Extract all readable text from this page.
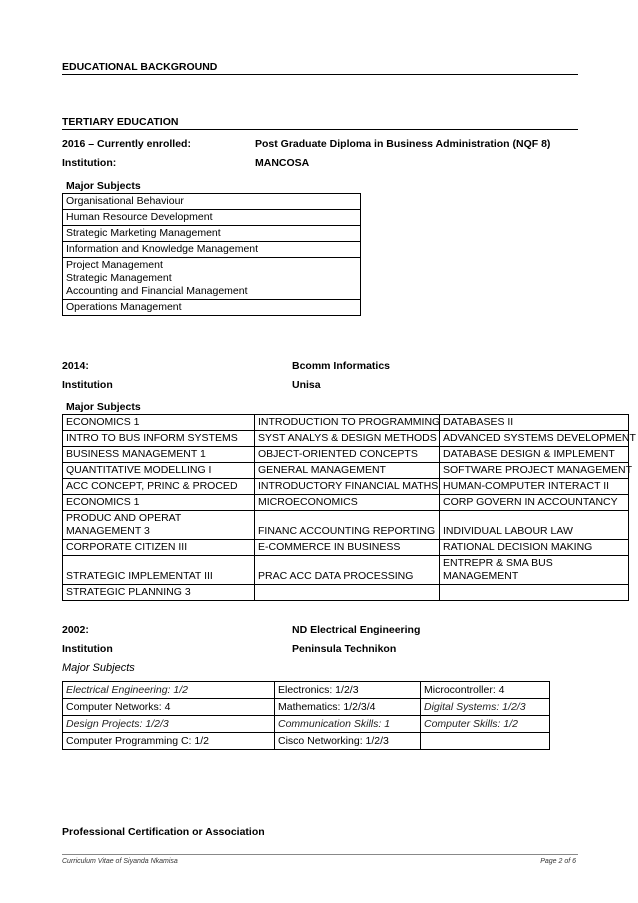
EDUCATIONAL BACKGROUND
TERTIARY EDUCATION
2016 – Currently enrolled:	Post Graduate Diploma in Business Administration (NQF 8)
Institution:	MANCOSA
Major Subjects
Organisational Behaviour

Human Resource Development

Strategic Marketing Management

Information and Knowledge Management

Project Management
Strategic Management
Accounting and Financial Management

Operations Management
2014:	Bcomm Informatics
Institution	Unisa
Major Subjects
ECONOMICS 1	INTRODUCTION TO PROGRAMMING	DATABASES II

INTRO TO BUS INFORM SYSTEMS	SYST ANALYS & DESIGN METHODS	ADVANCED SYSTEMS DEVELOPMENT

BUSINESS MANAGEMENT 1	OBJECT-ORIENTED CONCEPTS	DATABASE DESIGN & IMPLEMENT

QUANTITATIVE MODELLING I	GENERAL MANAGEMENT	SOFTWARE PROJECT MANAGEMENT

ACC CONCEPT, PRINC & PROCED	INTRODUCTORY FINANCIAL MATHS	HUMAN-COMPUTER INTERACT II

ECONOMICS 1	MICROECONOMICS	CORP GOVERN IN ACCOUNTANCY

PRODUC AND OPERAT
MANAGEMENT 3	FINANC ACCOUNTING REPORTING	INDIVIDUAL LABOUR LAW

CORPORATE CITIZEN III	E-COMMERCE IN BUSINESS	RATIONAL DECISION MAKING

STRATEGIC IMPLEMENTAT III	PRAC ACC DATA PROCESSING	ENTREPR & SMA BUS
MANAGEMENT

STRATEGIC PLANNING 3		

2002:	ND Electrical Engineering
Institution	Peninsula Technikon
Major Subjects
Electrical Engineering: 1/2	Electronics: 1/2/3	Microcontroller: 4
Computer Networks: 4	Mathematics: 1/2/3/4	Digital Systems: 1/2/3
Design Projects: 1/2/3	Communication Skills: 1	Computer Skills: 1/2
Computer Programming C: 1/2	Cisco Networking: 1/2/3	
Professional Certification or Association
Curriculum Vitae of Siyanda Nkamisa	Page 2 of 6
